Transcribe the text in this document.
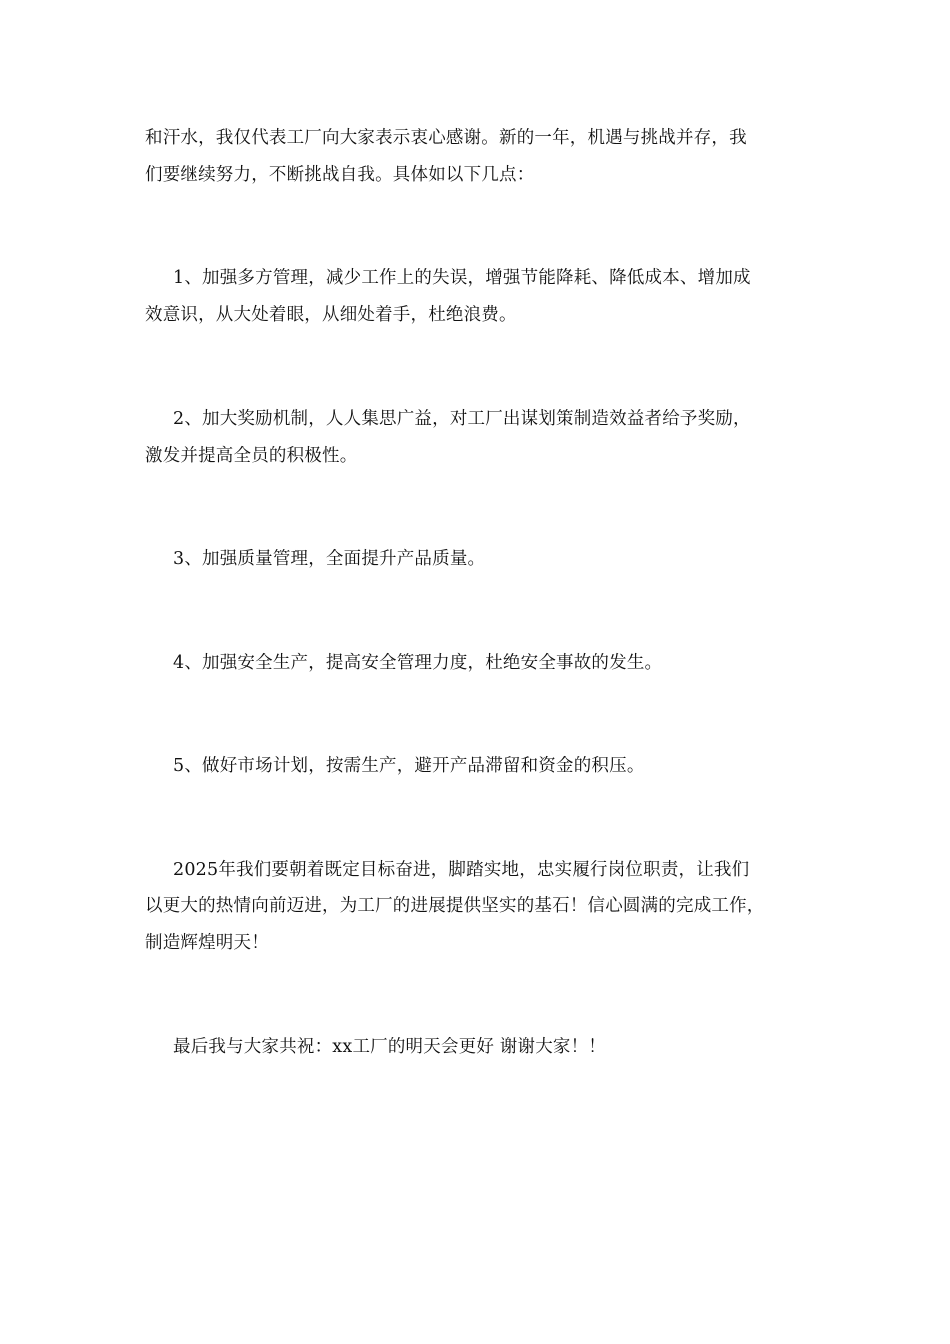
和汗水，我仅代表工厂向大家表示衷心感谢。新的一年，机遇与挑战并存，我
们要继续努力，不断挑战自我。具体如以下几点：
1、加强多方管理，减少工作上的失误，增强节能降耗、降低成本、增加成
效意识，从大处着眼，从细处着手，杜绝浪费。
2、加大奖励机制，人人集思广益，对工厂出谋划策制造效益者给予奖励，
激发并提高全员的积极性。
3、加强质量管理，全面提升产品质量。
4、加强安全生产，提高安全管理力度，杜绝安全事故的发生。
5、做好市场计划，按需生产，避开产品滞留和资金的积压。
2025年我们要朝着既定目标奋进，脚踏实地，忠实履行岗位职责，让我们
以更大的热情向前迈进，为工厂的进展提供坚实的基石！信心圆满的完成工作，
制造辉煌明天！
最后我与大家共祝：xx工厂的明天会更好 谢谢大家！！
